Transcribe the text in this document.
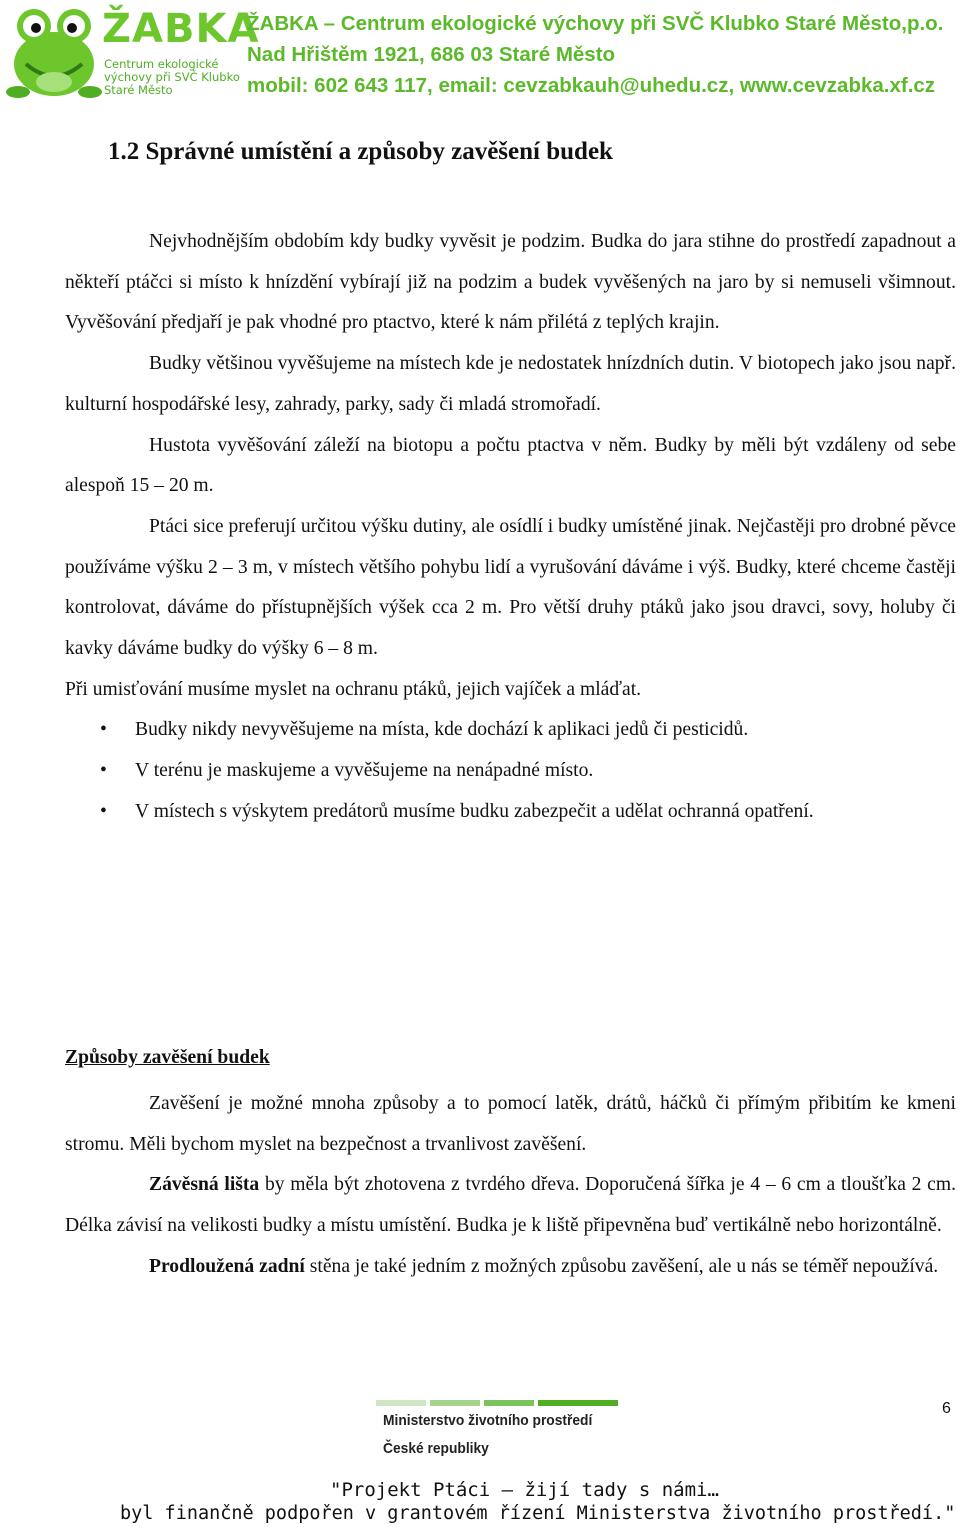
ŽABKA
Centrum ekologické výchovy při SVČ Klubko Staré Město
ŽABKA – Centrum ekologické výchovy při SVČ Klubko Staré Město,p.o.
Nad Hřištěm 1921, 686 03 Staré Město
mobil: 602 643 117, email: cevzabkauh@uhedu.cz, www.cevzabka.xf.cz
1.2 Správné umístění a způsoby zavěšení budek

Nejvhodnějším obdobím kdy budky vyvěsit je podzim. Budka do jara stihne do prostředí zapadnout a někteří ptáčci si místo k hnízdění vybírají již na podzim a budek vyvěšených na jaro by si nemuseli všimnout. Vyvěšování předjaří je pak vhodné pro ptactvo, které k nám přilétá z teplých krajin.

Budky většinou vyvěšujeme na místech kde je nedostatek hnízdních dutin. V biotopech jako jsou např. kulturní hospodářské lesy, zahrady, parky, sady či mladá stromořadí.

Hustota vyvěšování záleží na biotopu a počtu ptactva v něm. Budky by měli být vzdáleny od sebe alespoň 15 – 20 m.

Ptáci sice preferují určitou výšku dutiny, ale osídlí i budky umístěné jinak. Nejčastěji pro drobné pěvce používáme výšku 2 – 3 m, v místech většího pohybu lidí a vyrušování dáváme i výš. Budky, které chceme častěji kontrolovat, dáváme do přístupnějších výšek cca 2 m. Pro větší druhy ptáků jako jsou dravci, sovy, holuby či kavky dáváme budky do výšky 6 – 8 m.

Při umisťování musíme myslet na ochranu ptáků, jejich vajíček a mláďat.

• Budky nikdy nevyvěšujeme na místa, kde dochází k aplikaci jedů či pesticidů.
• V terénu je maskujeme a vyvěšujeme na nenápadné místo.
• V místech s výskytem predátorů musíme budku zabezpečit a udělat ochranná opatření.
Způsoby zavěšení budek

Zavěšení je možné mnoha způsoby a to pomocí latěk, drátů, háčků či přímým přibitím ke kmeni stromu. Měli bychom myslet na bezpečnost a trvanlivost zavěšení.

Závěsná lišta by měla být zhotovena z tvrdého dřeva. Doporučená šířka je 4 – 6 cm a tloušťka 2 cm. Délka závisí na velikosti budky a místu umístění. Budka je k liště připevněna buď vertikálně nebo horizontálně.

Prodloužená zadní stěna je také jedním z možných způsobu zavěšení, ale u nás se téměř nepoužívá.

Ministerstvo životního prostředí
České republiky
6
"Projekt Ptáci – žijí tady s námi…
byl finančně podpořen v grantovém řízení Ministerstva životního prostředí."
